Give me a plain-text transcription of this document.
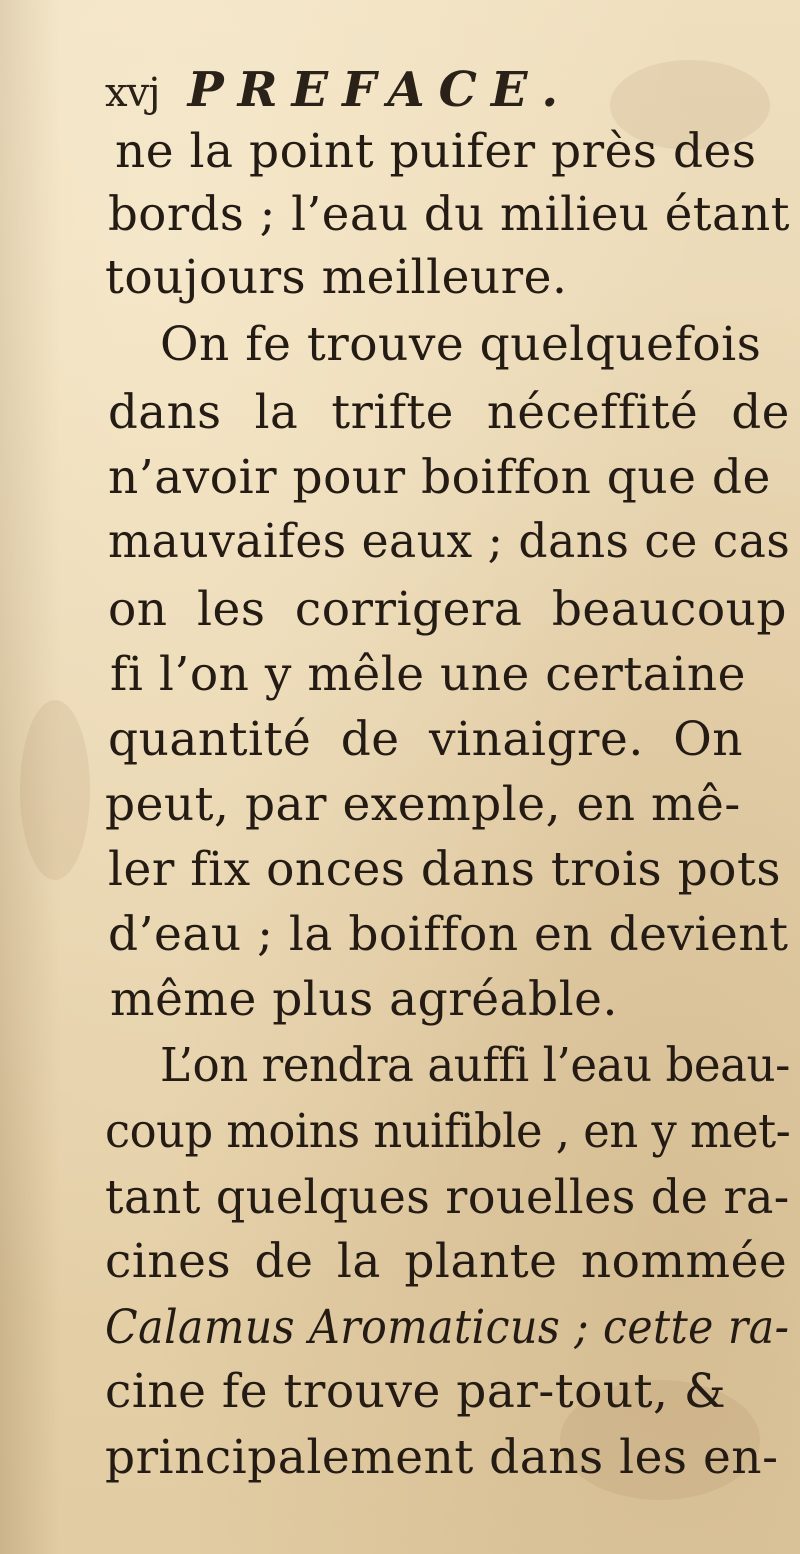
xvj PREFACE.
ne la point puifer près des
bords ; l’eau du milieu étant
toujours meilleure.
On fe trouve quelquefois
dans la trifte néceffité de
n’avoir pour boiffon que de
mauvaifes eaux ; dans ce cas
on les corrigera beaucoup
fi l’on y mêle une certaine
quantité de vinaigre. On
peut, par exemple, en mê-
ler fix onces dans trois pots
d’eau ; la boiffon en devient
même plus agréable.
L’on rendra auffi l’eau beau-
coup moins nuifible , en y met-
tant quelques rouelles de ra-
cines de la plante nommée
Calamus Aromaticus ; cette ra-
cine fe trouve par-tout, &
principalement dans les en-
